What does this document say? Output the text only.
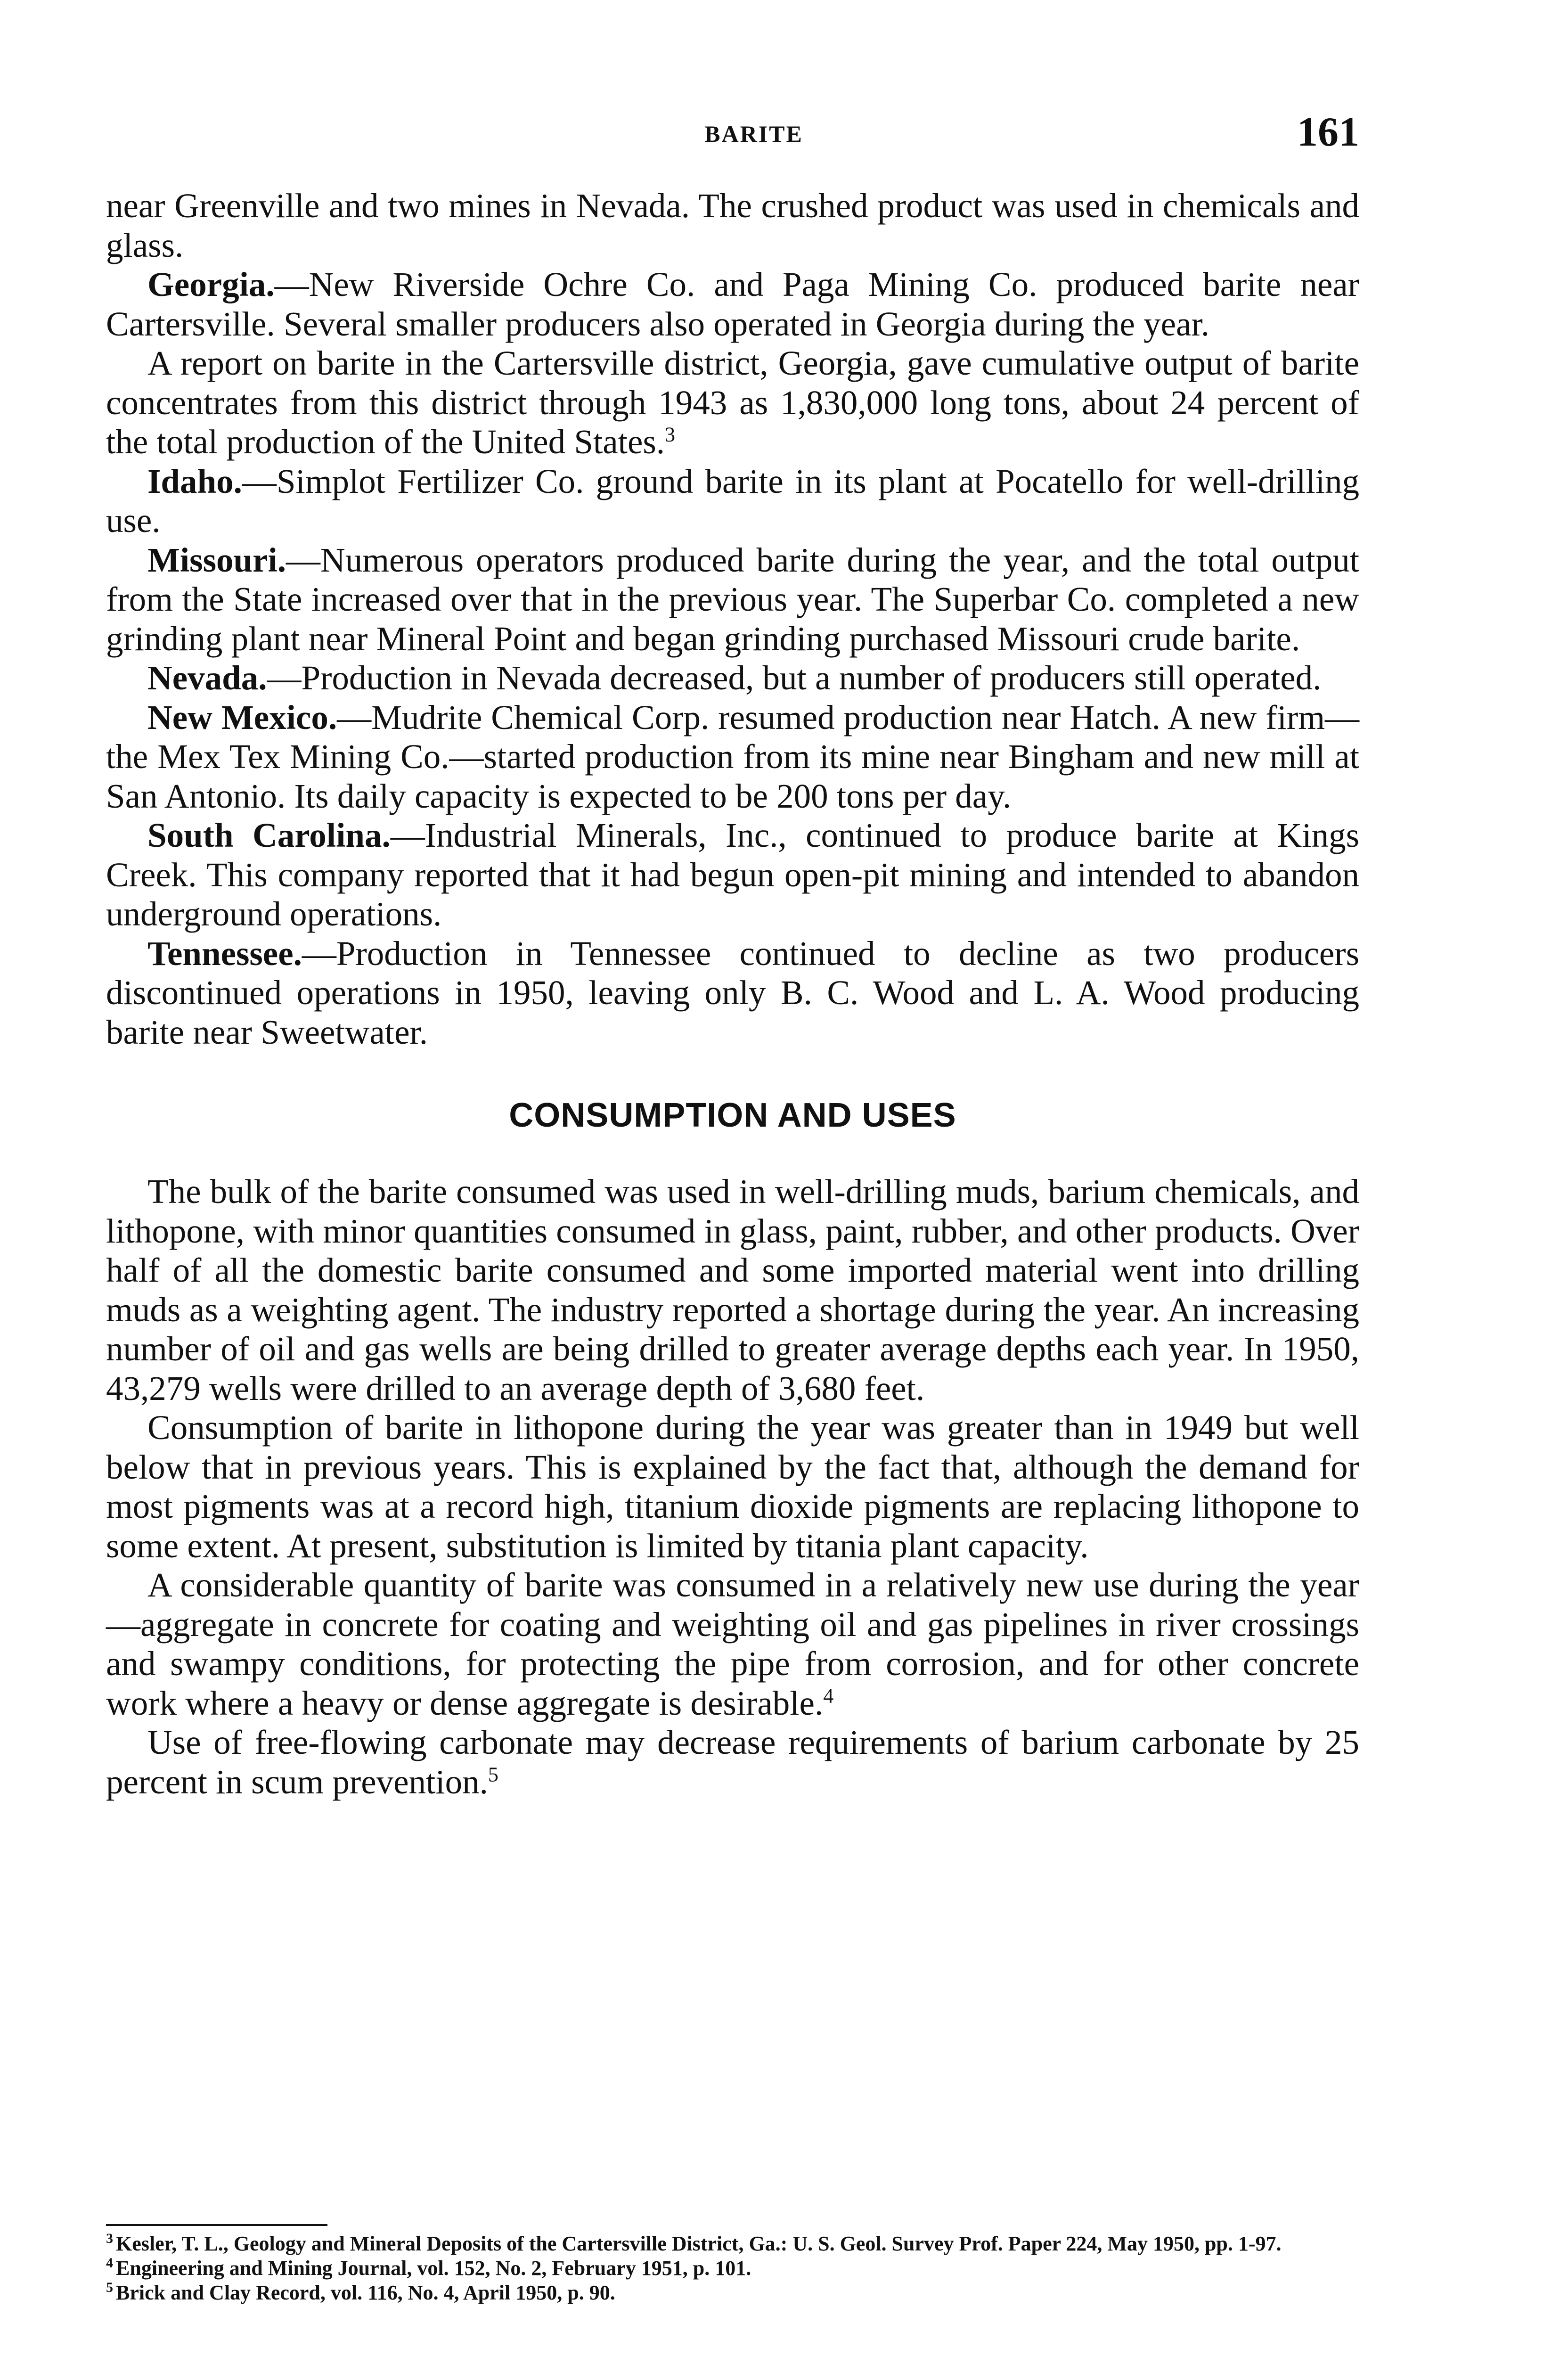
BARITE	161

near Greenville and two mines in Nevada. The crushed product was used in chemicals and glass.

Georgia.—New Riverside Ochre Co. and Paga Mining Co. produced barite near Cartersville. Several smaller producers also operated in Georgia during the year.

A report on barite in the Cartersville district, Georgia, gave cumulative output of barite concentrates from this district through 1943 as 1,830,000 long tons, about 24 percent of the total production of the United States.$^3$

Idaho.—Simplot Fertilizer Co. ground barite in its plant at Pocatello for well-drilling use.

Missouri.—Numerous operators produced barite during the year, and the total output from the State increased over that in the previous year. The Superbar Co. completed a new grinding plant near Mineral Point and began grinding purchased Missouri crude barite.

Nevada.—Production in Nevada decreased, but a number of producers still operated.

New Mexico.—Mudrite Chemical Corp. resumed production near Hatch. A new firm—the Mex Tex Mining Co.—started production from its mine near Bingham and new mill at San Antonio. Its daily capacity is expected to be 200 tons per day.

South Carolina.—Industrial Minerals, Inc., continued to produce barite at Kings Creek. This company reported that it had begun open-pit mining and intended to abandon underground operations.

Tennessee.—Production in Tennessee continued to decline as two producers discontinued operations in 1950, leaving only B. C. Wood and L. A. Wood producing barite near Sweetwater.

CONSUMPTION AND USES

The bulk of the barite consumed was used in well-drilling muds, barium chemicals, and lithopone, with minor quantities consumed in glass, paint, rubber, and other products. Over half of all the domestic barite consumed and some imported material went into drilling muds as a weighting agent. The industry reported a shortage during the year. An increasing number of oil and gas wells are being drilled to greater average depths each year. In 1950, 43,279 wells were drilled to an average depth of 3,680 feet.

Consumption of barite in lithopone during the year was greater than in 1949 but well below that in previous years. This is explained by the fact that, although the demand for most pigments was at a record high, titanium dioxide pigments are replacing lithopone to some extent. At present, substitution is limited by titania plant capacity.

A considerable quantity of barite was consumed in a relatively new use during the year—aggregate in concrete for coating and weighting oil and gas pipelines in river crossings and swampy conditions, for protecting the pipe from corrosion, and for other concrete work where a heavy or dense aggregate is desirable.$^4$

Use of free-flowing carbonate may decrease requirements of barium carbonate by 25 percent in scum prevention.$^5$

$^3$ Kesler, T. L., Geology and Mineral Deposits of the Cartersville District, Ga.: U. S. Geol. Survey Prof. Paper 224, May 1950, pp. 1-97.

$^4$ Engineering and Mining Journal, vol. 152, No. 2, February 1951, p. 101.

$^5$ Brick and Clay Record, vol. 116, No. 4, April 1950, p. 90.
